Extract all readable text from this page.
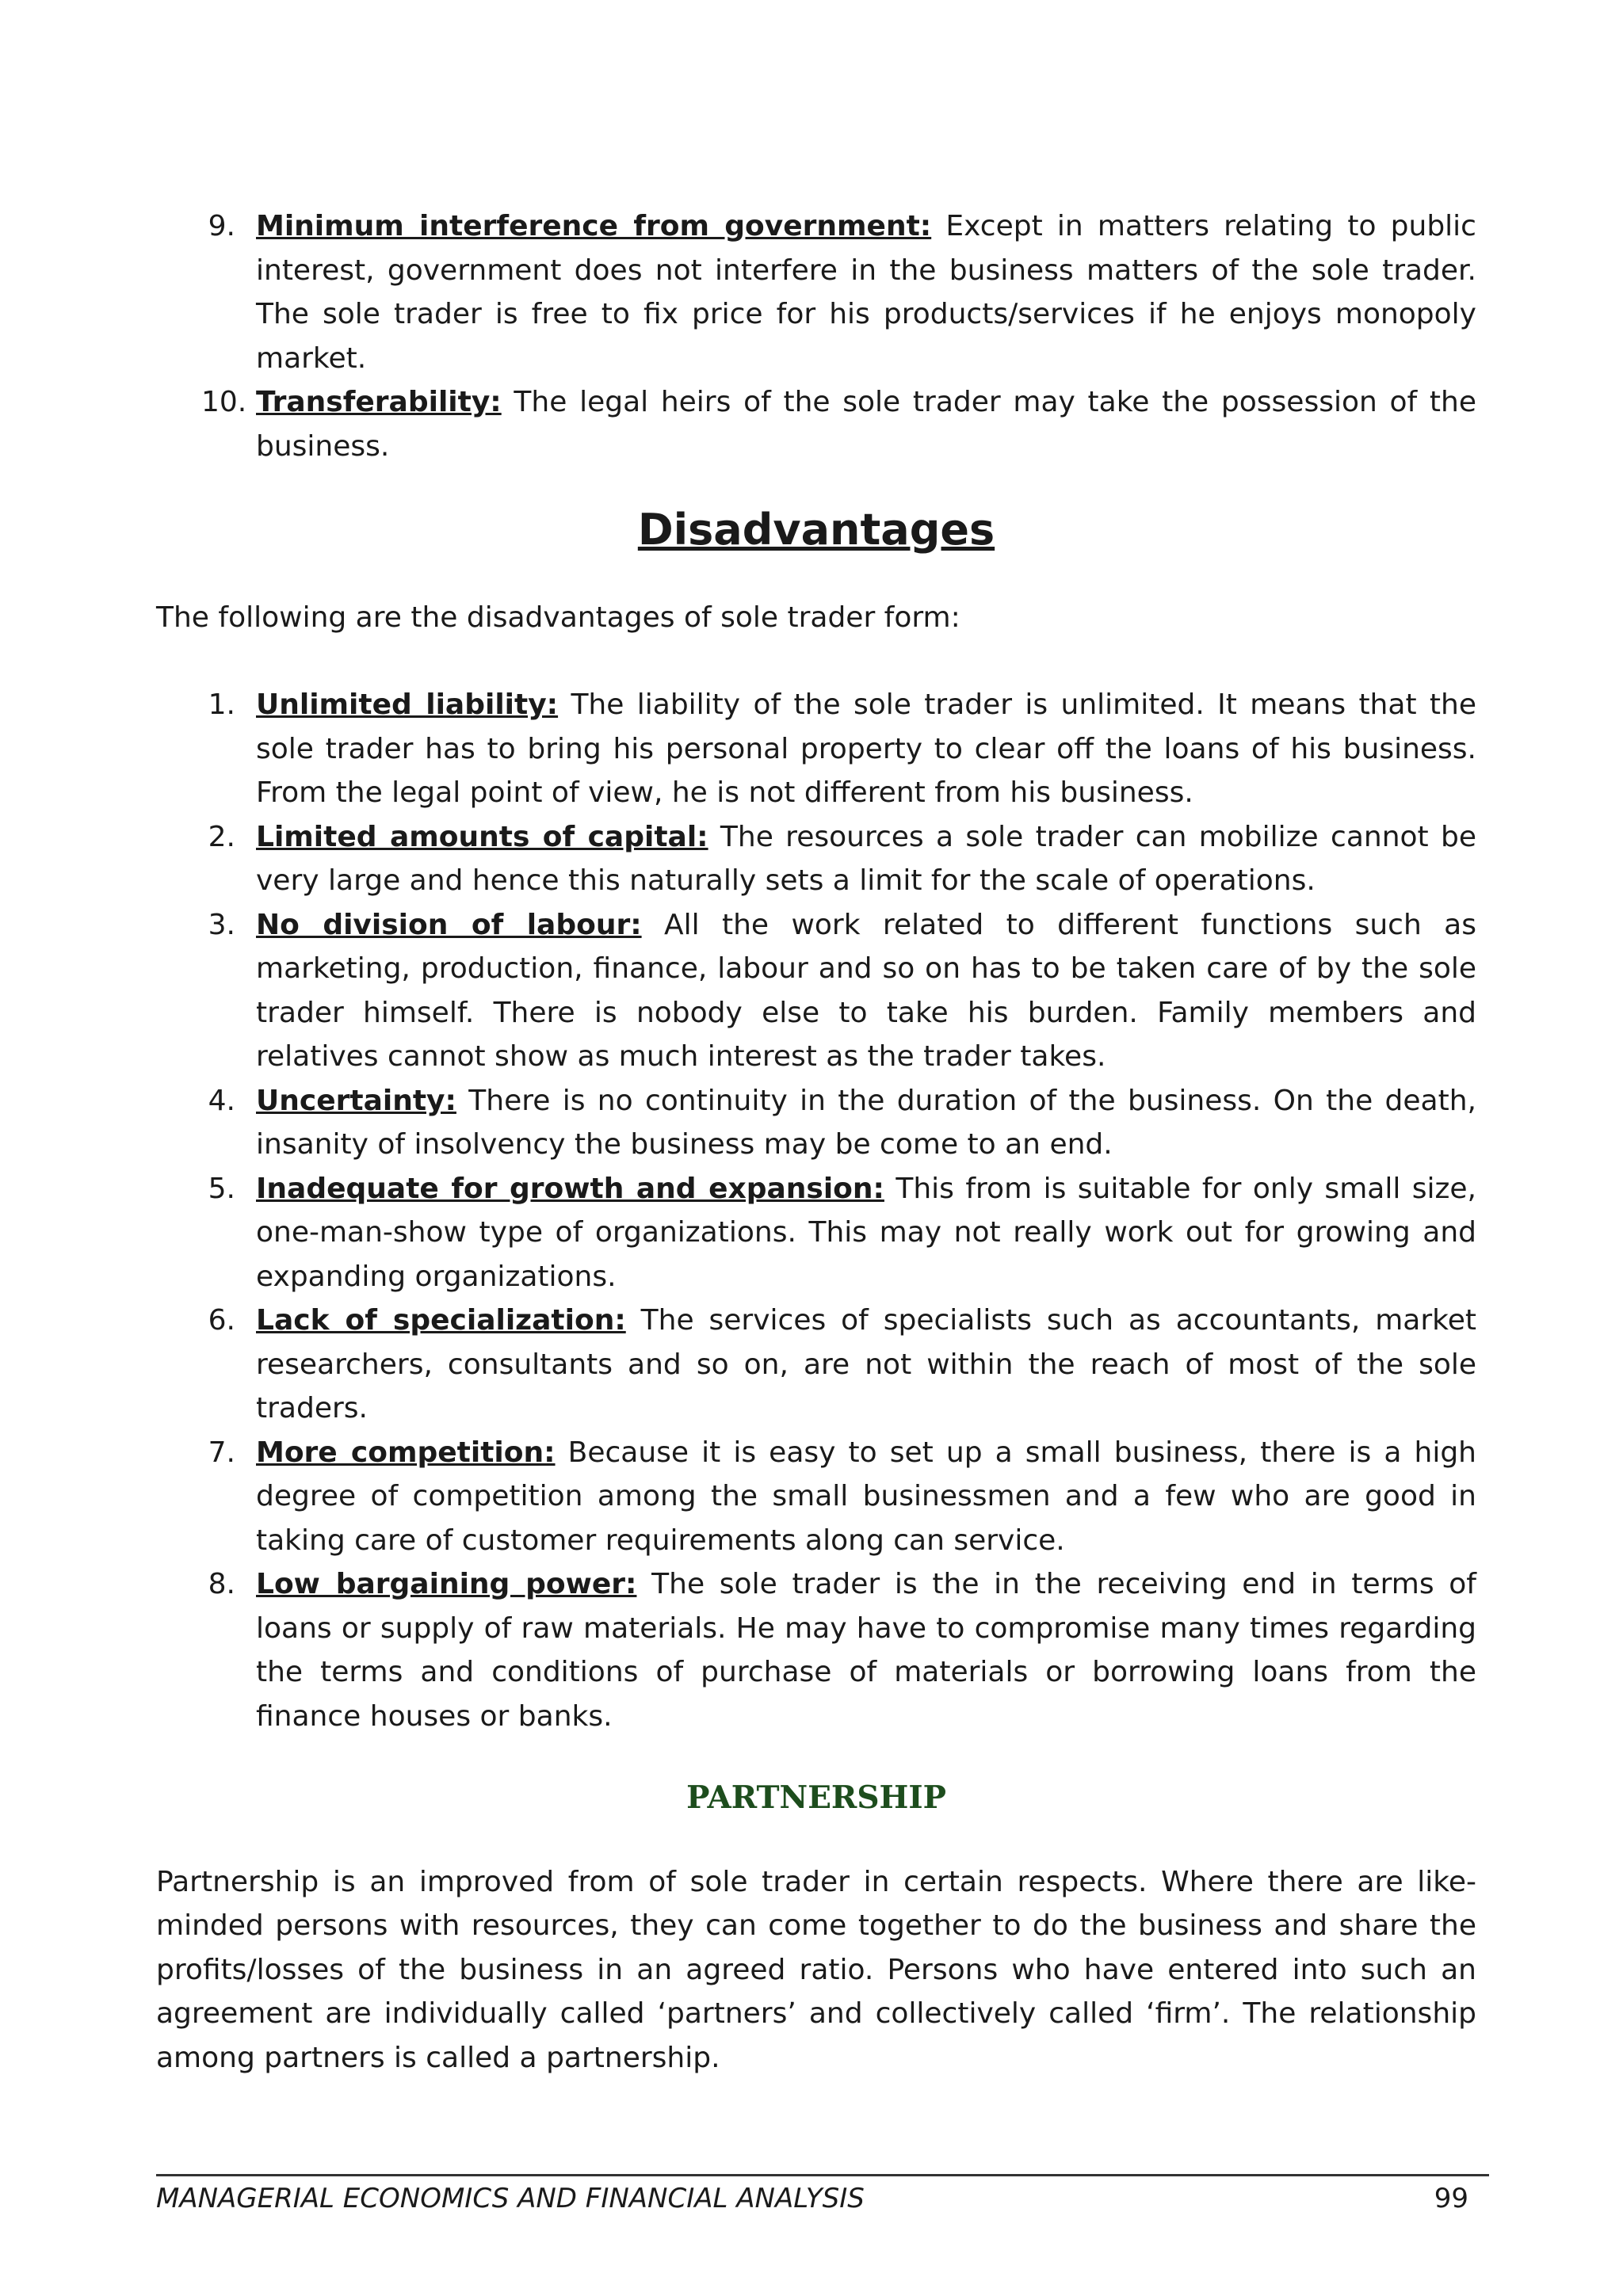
9. Minimum interference from government: Except in matters relating to public interest, government does not interfere in the business matters of the sole trader. The sole trader is free to fix price for his products/services if he enjoys monopoly market.
10. Transferability: The legal heirs of the sole trader may take the possession of the business.
Disadvantages

The following are the disadvantages of sole trader form:

1. Unlimited liability: The liability of the sole trader is unlimited. It means that the sole trader has to bring his personal property to clear off the loans of his business. From the legal point of view, he is not different from his business.
2. Limited amounts of capital: The resources a sole trader can mobilize cannot be very large and hence this naturally sets a limit for the scale of operations.
3. No division of labour: All the work related to different functions such as marketing, production, finance, labour and so on has to be taken care of by the sole trader himself. There is nobody else to take his burden. Family members and relatives cannot show as much interest as the trader takes.
4. Uncertainty: There is no continuity in the duration of the business. On the death, insanity of insolvency the business may be come to an end.
5. Inadequate for growth and expansion: This from is suitable for only small size, one-man-show type of organizations. This may not really work out for growing and expanding organizations.
6. Lack of specialization: The services of specialists such as accountants, market researchers, consultants and so on, are not within the reach of most of the sole traders.
7. More competition: Because it is easy to set up a small business, there is a high degree of competition among the small businessmen and a few who are good in taking care of customer requirements along can service.
8. Low bargaining power: The sole trader is the in the receiving end in terms of loans or supply of raw materials. He may have to compromise many times regarding the terms and conditions of purchase of materials or borrowing loans from the finance houses or banks.
PARTNERSHIP

Partnership is an improved from of sole trader in certain respects. Where there are like-minded persons with resources, they can come together to do the business and share the profits/losses of the business in an agreed ratio. Persons who have entered into such an agreement are individually called ‘partners’ and collectively called ‘firm’. The relationship among partners is called a partnership.

MANAGERIAL ECONOMICS AND FINANCIAL ANALYSIS	99
